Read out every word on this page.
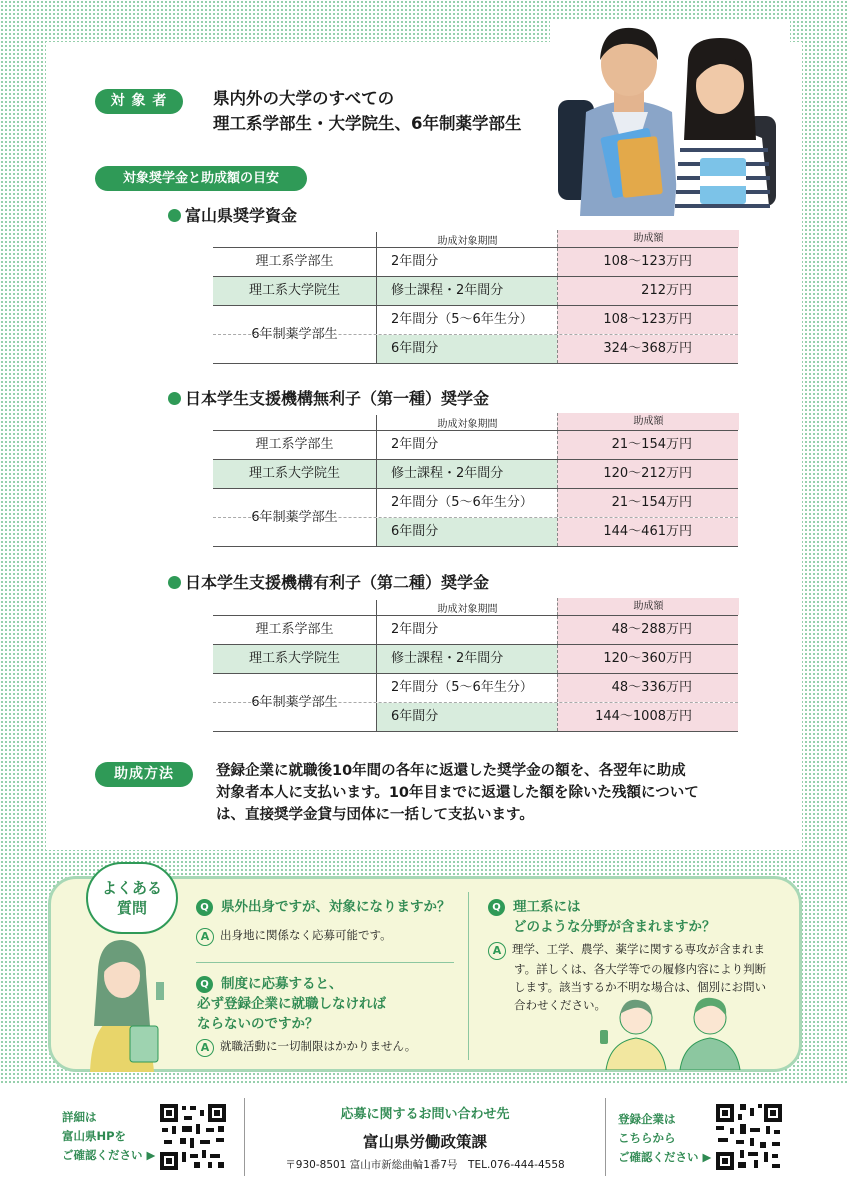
対 象 者	県内外の大学のすべての
理工系学部生・大学院生、6年制薬学部生
対象奨学金と助成額の目安
富山県奨学資金
助成対象期間	助成額
理工系学部生	2年間分	108～123万円
理工系大学院生	修士課程・2年間分	212万円
6年制薬学部生
2年間分（5～6年生分）	108～123万円
6年間分	324～368万円
日本学生支援機構無利子（第一種）奨学金
助成対象期間	助成額
理工系学部生	2年間分	21～154万円
理工系大学院生	修士課程・2年間分	120～212万円
6年制薬学部生
2年間分（5～6年生分）	21～154万円
6年間分	144～461万円
日本学生支援機構有利子（第二種）奨学金
助成対象期間	助成額
理工系学部生	2年間分	48～288万円
理工系大学院生	修士課程・2年間分	120～360万円
6年制薬学部生
2年間分（5～6年生分）	48～336万円
6年間分	144～1008万円
助成方法	登録企業に就職後10年間の各年に返還した奨学金の額を、各翌年に助成
対象者本人に支払います。10年目までに返還した額を除いた残額について
は、直接奨学金貸与団体に一括して支払います。
よくある
質問	Q 県外出身ですが、対象になりますか？
A 出身地に関係なく応募可能です。
Q 制度に応募すると、
必ず登録企業に就職しなければ
ならないのですか？
A 就職活動に一切制限はかかりません。
Q 理工系には
どのような分野が含まれますか？
A 理学、工学、農学、薬学に関する専攻が含まれま
す。詳しくは、各大学等での履修内容により判断
します。該当するか不明な場合は、個別にお問い
合わせください。
詳細は
富山県HPを
ご確認ください ▶
応募に関するお問い合わせ先
富山県労働政策課
〒930-8501 富山市新総曲輪1番7号　TEL.076-444-4558
登録企業は
こちらから
ご確認ください ▶
